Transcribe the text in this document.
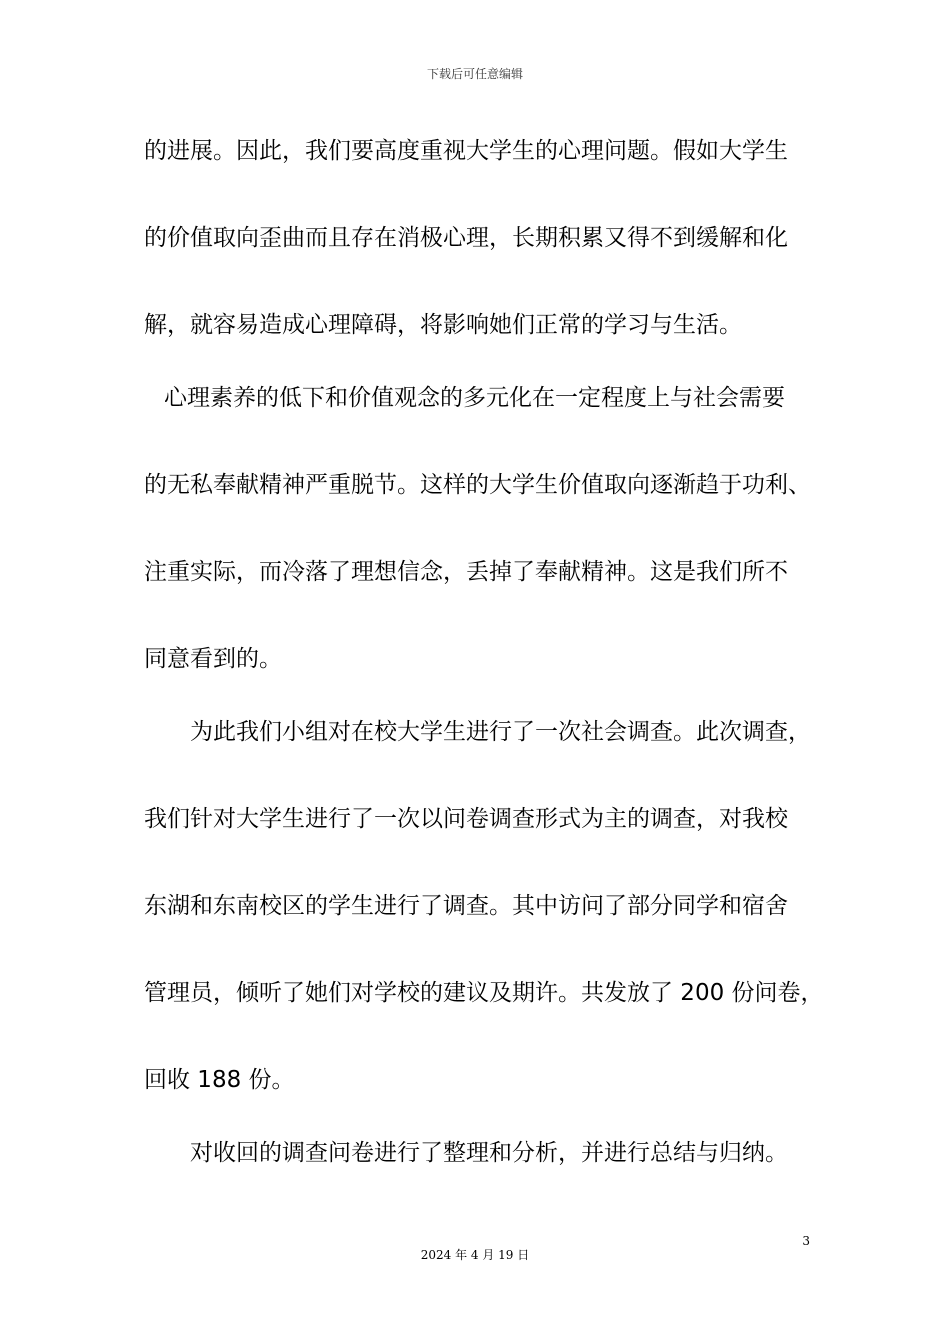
下载后可任意编辑
的进展。因此，我们要高度重视大学生的心理问题。假如大学生
的价值取向歪曲而且存在消极心理，长期积累又得不到缓解和化
解，就容易造成心理障碍，将影响她们正常的学习与生活。
心理素养的低下和价值观念的多元化在一定程度上与社会需要
的无私奉献精神严重脱节。这样的大学生价值取向逐渐趋于功利、
注重实际，而冷落了理想信念，丢掉了奉献精神。这是我们所不
同意看到的。
为此我们小组对在校大学生进行了一次社会调查。此次调查，
我们针对大学生进行了一次以问卷调查形式为主的调查，对我校
东湖和东南校区的学生进行了调查。其中访问了部分同学和宿舍
管理员，倾听了她们对学校的建议及期许。共发放了 200 份问卷，
回收 188 份。
对收回的调查问卷进行了整理和分析，并进行总结与归纳。
3
2024 年 4 月 19 日
